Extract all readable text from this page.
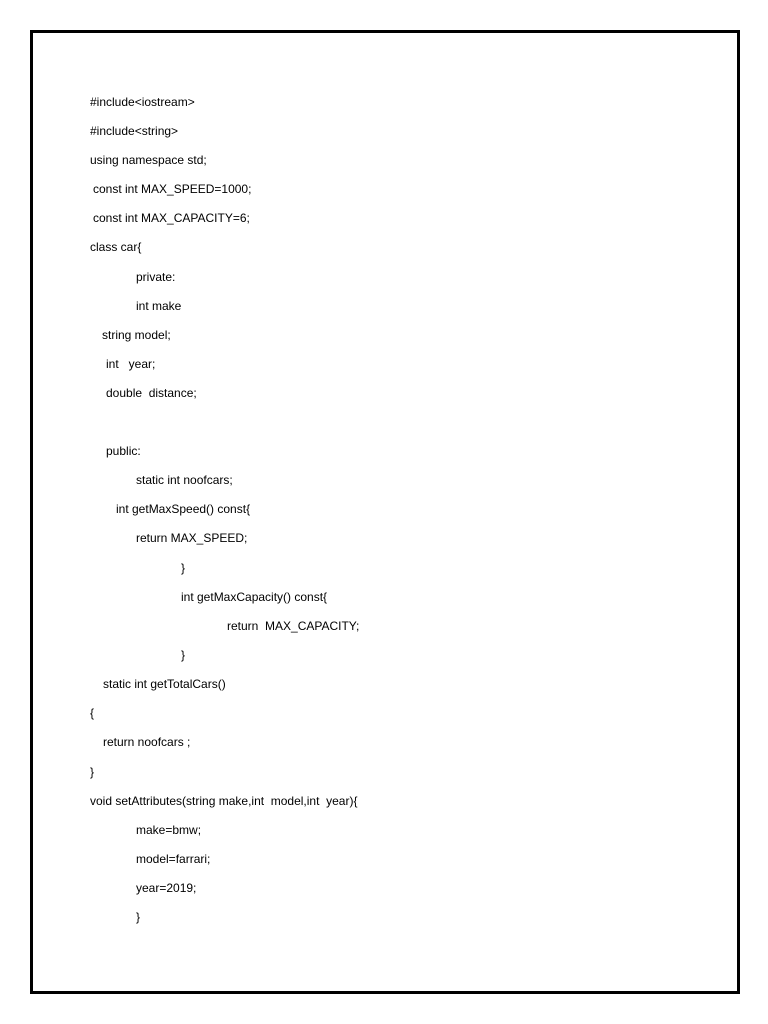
#include<iostream>
#include<string>
using namespace std;
const int MAX_SPEED=1000;
const int MAX_CAPACITY=6;
class car{
private:
int make
string model;
int   year;
double  distance;
public:
static int noofcars;
int getMaxSpeed() const{
return MAX_SPEED;
}
int getMaxCapacity() const{
return  MAX_CAPACITY;
}
static int getTotalCars()
{
return noofcars ;
}
void setAttributes(string make,int  model,int  year){
make=bmw;
model=farrari;
year=2019;
}
